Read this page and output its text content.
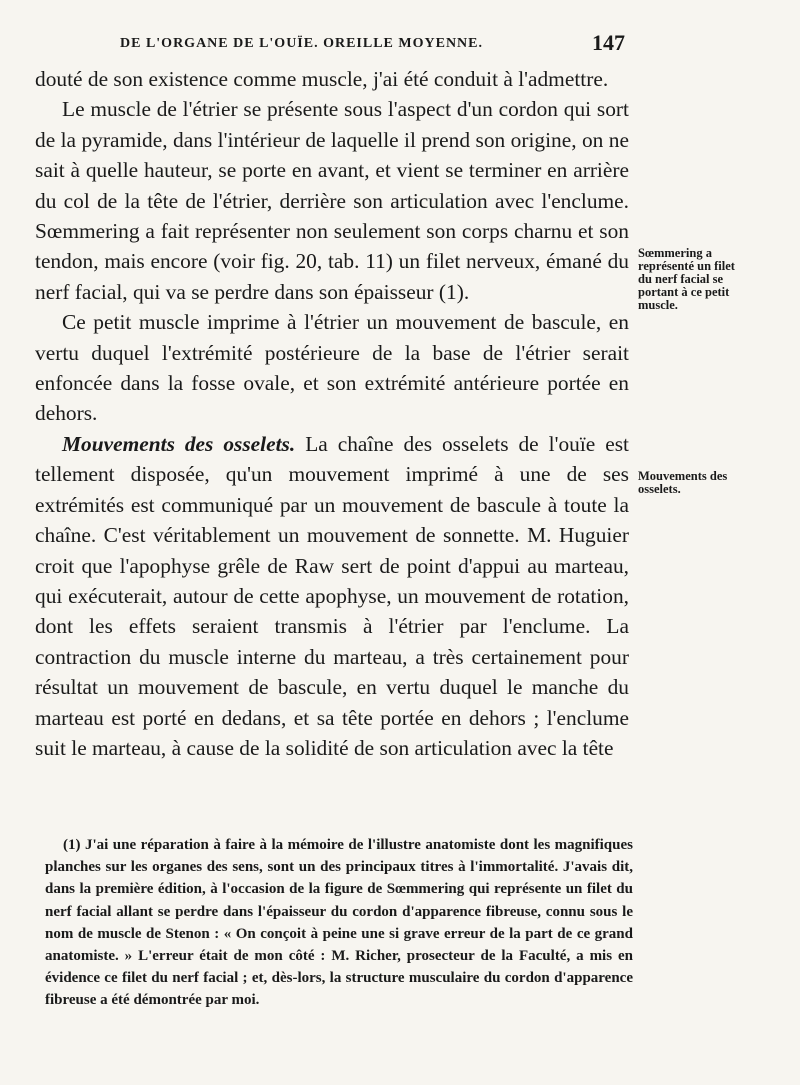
DE L'ORGANE DE L'OUÏE. OREILLE MOYENNE.	147

douté de son existence comme muscle, j'ai été conduit à l'admettre.

Le muscle de l'étrier se présente sous l'aspect d'un cordon qui sort de la pyramide, dans l'intérieur de laquelle il prend son origine, on ne sait à quelle hauteur, se porte en avant, et vient se terminer en arrière du col de la tête de l'étrier, derrière son articulation avec l'enclume. Sœmmering a fait représenter non seulement son corps charnu et son tendon, mais encore (voir fig. 20, tab. 11) un filet nerveux, émané du nerf facial, qui va se perdre dans son épaisseur (1).

Ce petit muscle imprime à l'étrier un mouvement de bascule, en vertu duquel l'extrémité postérieure de la base de l'étrier serait enfoncée dans la fosse ovale, et son extrémité antérieure portée en dehors.

Mouvements des osselets. La chaîne des osselets de l'ouïe est tellement disposée, qu'un mouvement imprimé à une de ses extrémités est communiqué par un mouvement de bascule à toute la chaîne. C'est véritablement un mouvement de sonnette. M. Huguier croit que l'apophyse grêle de Raw sert de point d'appui au marteau, qui exécuterait, autour de cette apophyse, un mouvement de rotation, dont les effets seraient transmis à l'étrier par l'enclume. La contraction du muscle interne du marteau, a très certainement pour résultat un mouvement de bascule, en vertu duquel le manche du marteau est porté en dedans, et sa tête portée en dehors ; l'enclume suit le marteau, à cause de la solidité de son articulation avec la tête

Sœmmering a représenté un filet du nerf facial se portant à ce petit muscle.
Mouvements des osselets.

(1) J'ai une réparation à faire à la mémoire de l'illustre anatomiste dont les magnifiques planches sur les organes des sens, sont un des principaux titres à l'immortalité. J'avais dit, dans la première édition, à l'occasion de la figure de Sœmmering qui représente un filet du nerf facial allant se perdre dans l'épaisseur du cordon d'apparence fibreuse, connu sous le nom de muscle de Stenon : « On conçoit à peine une si grave erreur de la part de ce grand anatomiste. » L'erreur était de mon côté : M. Richer, prosecteur de la Faculté, a mis en évidence ce filet du nerf facial ; et, dès-lors, la structure musculaire du cordon d'apparence fibreuse a été démontrée par moi.
